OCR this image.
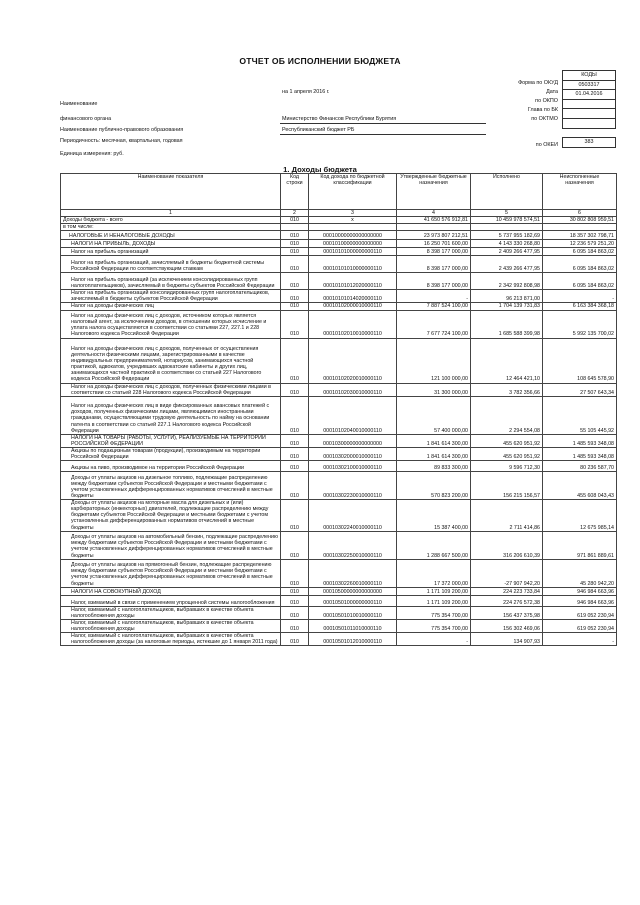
ОТЧЕТ ОБ ИСПОЛНЕНИИ БЮДЖЕТА
КОДЫ
0503317
01.04.2016
383
Форма по ОКУД
Дата
по ОКПО
Глава по БК
по ОКТМО
по ОКЕИ
на 1 апреля 2016 г.
Наименование
финансового органа	Министерство Финансов Республики Бурятия
Наименование публично-правового образования	Республиканский бюджет РБ
Периодичность: месячная, квартальная, годовая
Единица измерения: руб.
1. Доходы бюджета
Наименование показателя	Код строки	Код дохода по бюджетной классификации	Утвержденные бюджетные назначения	Исполнено	Неисполненные назначения
1	2	3	4	5	6
Доходы бюджета - всего	010	x	41 650 576 912,81	10 459 978 574,51	30 802 808 959,51
в том числе:					
НАЛОГОВЫЕ И НЕНАЛОГОВЫЕ ДОХОДЫ	010	00010000000000000000	23 973 807 212,51	5 737 955 182,69	18 357 302 798,71
НАЛОГИ НА ПРИБЫЛЬ, ДОХОДЫ	010	00010100000000000000	16 250 701 600,00	4 143 330 268,80	12 236 579 251,20
Налог на прибыль организаций	010	00010101000000000110	8 398 177 000,00	2 409 266 477,95	6 095 184 863,02
Налог на прибыль организаций, зачисляемый в бюджеты бюджетной системы Российской Федерации по соответствующим ставкам	010	00010101010000000110	8 398 177 000,00	2 439 266 477,95	6 095 184 863,02
Налог на прибыль организаций (за исключением консолидированных групп налогоплательщиков), зачисляемый в бюджеты субъектов Российской Федерации	010	00010101012020000110	8 398 177 000,00	2 342 992 808,98	6 095 184 863,02
Налог на прибыль организаций консолидированных групп налогоплательщиков, зачисляемый в бюджеты субъектов Российской Федерации	010	00010101014020000110	-	96 213 871,00	-
Налог на доходы физических лиц	010	00010102000010000110	7 887 524 100,00	1 704 139 731,83	6 163 384 368,18
Налог на доходы физических лиц с доходов, источником которых является налоговый агент, за исключением доходов, в отношении которых исчисление и уплата налога осуществляются в соответствии со статьями 227, 227.1 и 228 Налогового кодекса Российской Федерации	010	00010102010010000110	7 677 724 100,00	1 685 588 399,98	5 992 135 700,02
Налог на доходы физических лиц с доходов, полученных от осуществления деятельности физическими лицами, зарегистрированными в качестве индивидуальных предпринимателей, нотариусов, занимающихся частной практикой, адвокатов, учредивших адвокатские кабинеты и других лиц, занимающихся частной практикой в соответствии со статьей 227 Налогового кодекса Российской Федерации	010	00010102020010000110	121 100 000,00	12 464 421,10	108 645 578,90
Налог на доходы физических лиц с доходов, полученных физическими лицами в соответствии со статьей 228 Налогового кодекса Российской Федерации	010	00010102030010000110	31 300 000,00	3 782 356,66	27 507 643,34
Налог на доходы физических лиц в виде фиксированных авансовых платежей с доходов, полученных физическими лицами, являющимися иностранными гражданами, осуществляющими трудовую деятельность по найму на основании патента в соответствии со статьей 227.1 Налогового кодекса Российской Федерации	010	00010102040010000110	57 400 000,00	2 294 554,08	55 105 445,92
НАЛОГИ НА ТОВАРЫ (РАБОТЫ, УСЛУГИ), РЕАЛИЗУЕМЫЕ НА ТЕРРИТОРИИ РОССИЙСКОЙ ФЕДЕРАЦИИ	010	00010300000000000000	1 841 614 300,00	455 620 951,92	1 485 593 348,08
Акцизы по подакцизным товарам (продукции), производимым на территории Российской Федерации	010	00010302000010000110	1 841 614 300,00	455 620 951,92	1 485 593 348,08
Акцизы на пиво, производимое на территории Российской Федерации	010	00010302100010000110	89 833 300,00	9 596 712,30	80 236 587,70
Доходы от уплаты акцизов на дизельное топливо, подлежащие распределению между бюджетами субъектов Российской Федерации и местными бюджетами с учетом установленных дифференцированных нормативов отчислений в местные бюджеты	010	00010302230010000110	570 823 200,00	156 215 156,57	455 608 043,43
Доходы от уплаты акцизов на моторные масла для дизельных и (или) карбюраторных (инжекторных) двигателей, подлежащие распределению между бюджетами субъектов Российской Федерации и местными бюджетами с учетом установленных дифференцированных нормативов отчислений в местные бюджеты	010	00010302240010000110	15 387 400,00	2 711 414,86	12 675 985,14
Доходы от уплаты акцизов на автомобильный бензин, подлежащие распределению между бюджетами субъектов Российской Федерации и местными бюджетами с учетом установленных дифференцированных нормативов отчислений в местные бюджеты	010	00010302250010000110	1 288 667 500,00	316 206 610,39	971 861 889,61
Доходы от уплаты акцизов на прямогонный бензин, подлежащие распределению между бюджетами субъектов Российской Федерации и местными бюджетами с учетом установленных дифференцированных нормативов отчислений в местные бюджеты	010	00010302260010000110	17 372 000,00	-27 907 942,20	45 280 942,20
НАЛОГИ НА СОВОКУПНЫЙ ДОХОД	010	00010500000000000000	1 171 109 200,00	224 223 733,84	946 984 663,96
Налог, взимаемый в связи с применением упрощенной системы налогообложения	010	00010501000000000110	1 171 109 200,00	224 276 572,38	946 984 663,96
Налог, взимаемый с налогоплательщиков, выбравших в качестве объекта налогообложения доходы	010	00010501010010000110	775 354 700,00	156 437 375,98	619 052 230,94
Налог, взимаемый с налогоплательщиков, выбравших в качестве объекта налогообложения доходы	010	00010501011010000110	775 354 700,00	156 302 469,06	619 052 230,94
Налог, взимаемый с налогоплательщиков, выбравших в качестве объекта налогообложения доходы (за налоговые периоды, истекшие до 1 января 2011 года)	010	00010501012010000110	-	134 907,93	-
